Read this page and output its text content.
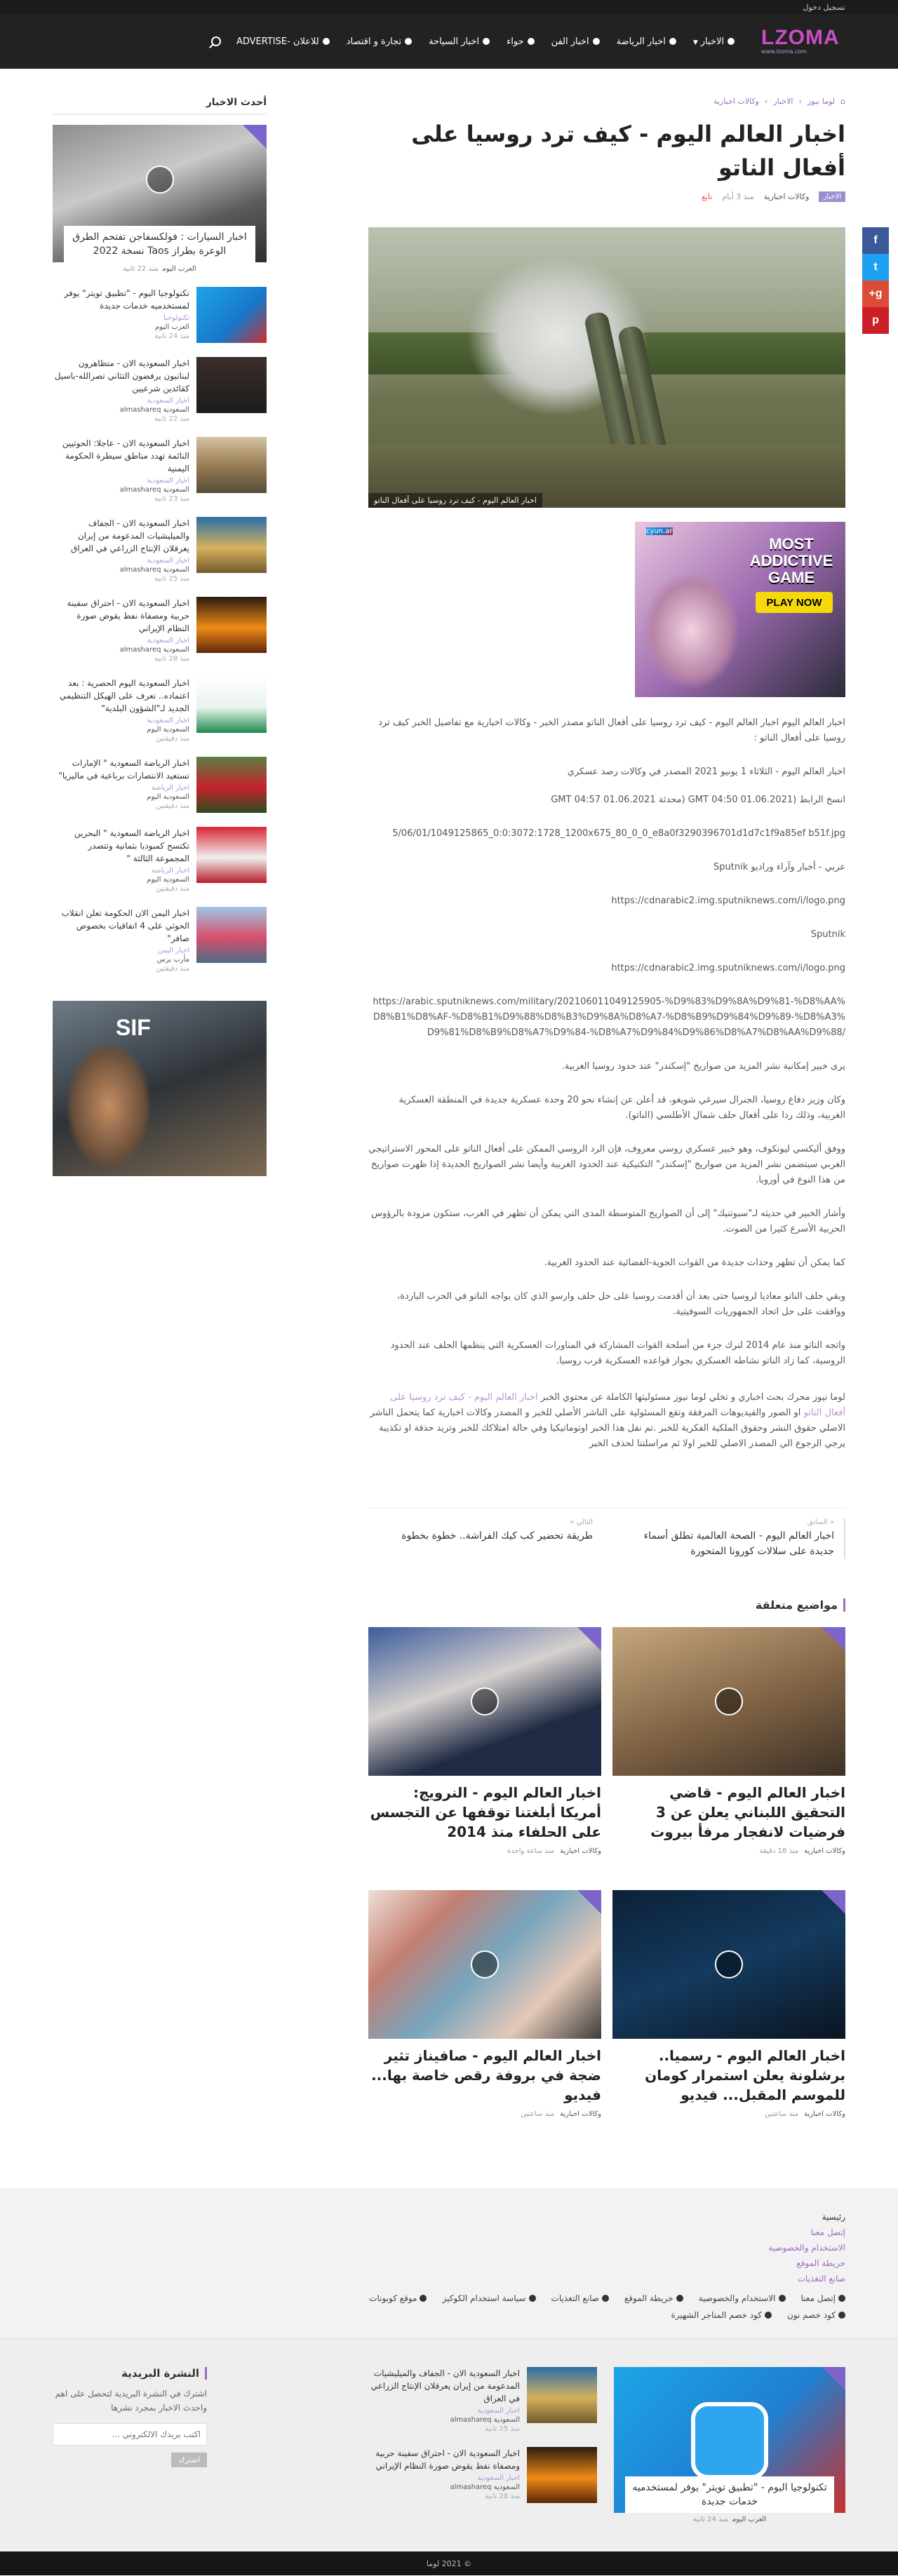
تسجيل دخول
LZOMA
www.lzoma.com
الاخبار▼
اخبار الرياضة
اخبار الفن
حواء
اخبار السياحة
تجارة و اقتصاد
للاعلان -ADVERTISE
⌂
لوما نيوز
›
الاخبار
›
وكالات اخبارية
اخبار العالم اليوم - كيف ترد روسيا على أفعال الناتو
الاخبار
وكالات اخبارية
منذ 3 أيام
تابع
f
t
g+
p
اخبار العالم اليوم - كيف ترد روسيا على أفعال الناتو
cyun.ar
MOST
ADDICTIVE
GAME
PLAY NOW

اخبار العالم اليوم اخبار العالم اليوم - كيف ترد روسيا على أفعال الناتو مصدر الخبر - وكالات اخبارية مع تفاصيل الخبر كيف ترد روسيا على أفعال الناتو :

اخبار العالم اليوم - الثلاثاء 1 يونيو 2021 المصدر في وكالات رصد عسكري

انسخ الرابط (GMT 04:50 01.06.2021 (محدثة GMT 04:57 01.06.2021

5/06/01/1049125865_0:0:3072:1728_1200x675_80_0_0_e8a0f3290396701d1d7c1f9a85ef b51f.jpg

عربي - أخبار وآراء وراديو Sputnik

https://cdnarabic2.img.sputniknews.com/i/logo.png

Sputnik

https://cdnarabic2.img.sputniknews.com/i/logo.png

https://arabic.sputniknews.com/military/202106011049125905-%D9%83%D9%8A%D9%81-%D8%AA%D8%B1%D8%AF-%D8%B1%D9%88%D8%B3%D9%8A%D8%A7-%D8%B9%D9%84%D9%89-%D8%A3%D9%81%D8%B9%D8%A7%D9%84-%D8%A7%D9%84%D9%86%D8%A7%D8%AA%D9%88/

يرى خبير إمكانية نشر المزيد من صواريخ "إسكندر" عند حدود روسيا الغربية.

وكان وزير دفاع روسيا، الجنرال سيرغي شويغو، قد أعلن عن إنشاء نحو 20 وحدة عسكرية جديدة في المنطقة العسكرية الغربية، وذلك ردا على أفعال حلف شمال الأطلسي (الناتو).

ووفق أليكسي ليونكوف، وهو خبير عسكري روسي معروف، فإن الرد الروسي الممكن على أفعال الناتو على المحور الاستراتيجي الغربي سيتضمن نشر المزيد من صواريخ "إسكندر" التكتيكية عند الحدود الغربية وأيضا نشر الصواريخ الجديدة إذا ظهرت صواريخ من هذا النوع في أوروبا.

وأشار الخبير في حديثه لـ"سبوتنيك" إلى أن الصواريخ المتوسطة المدى التي يمكن أن تظهر في الغرب، ستكون مزودة بالرؤوس الحربية الأسرع كثيرا من الصوت.

كما يمكن أن تظهر وحدات جديدة من القوات الجوية-الفضائية عند الحدود الغربية.

وبقي حلف الناتو معاديا لروسيا حتى بعد أن أقدمت روسيا على حل حلف وارسو الذي كان يواجه الناتو في الحرب الباردة، ووافقت على حل اتحاد الجمهوريات السوفيتية.

واتجه الناتو منذ عام 2014 لنرك جزء من أسلحة القوات المشاركة في المناورات العسكرية التي ينظمها الحلف عند الحدود الروسية، كما زاد الناتو نشاطه العسكري بجوار قواعده العسكرية قرب روسيا.

لوما نيوز محرك بحث اخباري و تخلي لوما نيوز مسئوليتها الكاملة عن محتوي الخبر اخبار العالم اليوم - كيف ترد روسيا على أفعال الناتو او الصور والفيديوهات المرفقة وتقع المسئولية على الناشر الأصلي للخبر و المصدر وكالات اخبارية كما يتحمل الناشر الاصلي حقوق النشر وحقوق الملكية الفكرية للخبر .تم نقل هذا الخبر اوتوماتيكيا وفي حالة امتلاكك للخبر وتريد حذفة او تكذيبة يرجي الرجوع الي المصدر الاصلي للخبر اولا ثم مراسلتنا لحذف الخبر

« السابق
اخبار العالم اليوم - الصحة العالمية تطلق أسماء جديدة على سلالات كورونا المتحورة
التالي »
طريقة تحضير كب كيك الفراشة.. خطوة بخطوة
مواضيع متعلقة
اخبار العالم اليوم - قاضي التحقيق اللبناني يعلن عن 3 فرضيات لانفجار مرفأ بيروت
وكالات اخباريةمنذ 18 دقيقة
اخبار العالم اليوم - النرويج: أمريكا أبلغتنا توقفها عن التجسس على الحلفاء منذ 2014
وكالات اخباريةمنذ ساعة واحدة
اخبار العالم اليوم - رسميا.. برشلونة يعلن استمرار كومان للموسم المقبل... فيديو
وكالات اخباريةمنذ ساعتين
اخبار العالم اليوم - صافيناز تثير ضجة في بروفة رقص خاصة بها... فيديو
وكالات اخباريةمنذ ساعتين
أحدث الاخبار
اخبار السيارات : فولكسفاجن تفتحم الطرق الوعرة بطراز Taos نسخة 2022
العرب اليوممنذ 22 ثانية
تكنولوجيا اليوم - "تطبيق تويتر" يوفر لمستخدميه خدمات جديدة
تكنولوجيا
العرب اليوم
منذ 24 ثانية
اخبار السعودية الان - متظاهرون لبنانيون يرفضون التثاني تصرالله-باسيل كقائدين شرعيين
اخبار السعودية
السعودية almashareq
منذ 22 ثانية
اخبار السعودية الان - عاجلا: الحوثيين النائمة تهدد مناطق سيطرة الحكومة اليمنية
اخبار السعودية
السعودية almashareq
منذ 23 ثانية
اخبار السعودية الان - الجفاف والميليشيات المدعومة من إيران يعرقلان الإنتاج الزراعي في العراق
اخبار السعودية
السعودية almashareq
منذ 25 ثانية
اخبار السعودية الان - احتراق سفينة حربية ومصفاة نفط يقوض صورة النظام الإيراني
اخبار السعودية
السعودية almashareq
منذ 28 ثانية
اخبار السعودية اليوم الحصرية : بعد اعتماده.. تعرف على الهيكل التنظيمي الجديد لـ"الشؤون البلدية"
اخبار السعودية
السعودية اليوم
منذ دقيقتين
اخبار الرياضة السعودية " الإمارات تستعيد الانتصارات برباعية في ماليزيا"
اخبار الرياضة
السعودية اليوم
منذ دقيقتين
اخبار الرياضة السعودية " البحرين تكتسح كمبوديا بثمانية وتتصدر المجموعة الثالثة "
اخبار الرياضة
السعودية اليوم
منذ دقيقتين
اخبار اليمن الان الحكومة تعلن انقلاب الحوثي على 4 اتفاقيات بخصوص صافر"
اخبار اليمن
مأرب برس
منذ دقيقتين
SIF
رئيسية
إتصل معنا
الاستخدام والخصوصية
خريطة الموقع
صانع التغذيات
إتصل معنا
الاستخدام والخصوصية
خريطة الموقع
صانع التغذيات
سياسة استخدام الكوكيز
موقع كوبونات
كود خصم نون
كود خصم المتاجر الشهيرة
تكنولوجيا اليوم - "تطبيق تويتر" يوفر لمستخدميه خدمات جديدة
العرب اليوممنذ 24 ثانية
اخبار السعودية الان - الجفاف والميليشيات المدعومة من إيران يعرقلان الإنتاج الزراعي في العراق
اخبار السعودية
السعودية almashareq
منذ 25 ثانية
اخبار السعودية الان - احتراق سفينة حربية ومصفاة نفط يقوض صورة النظام الإيراني
اخبار السعودية
السعودية almashareq
منذ 28 ثانية
النشرة البريدية

اشترك في النشرة البريدية لتحصل على اهم واحدث الاخبار بمجرد نشرها

اكتب بريدك الالكتروني ...
اشترك
© 2021 لوما
